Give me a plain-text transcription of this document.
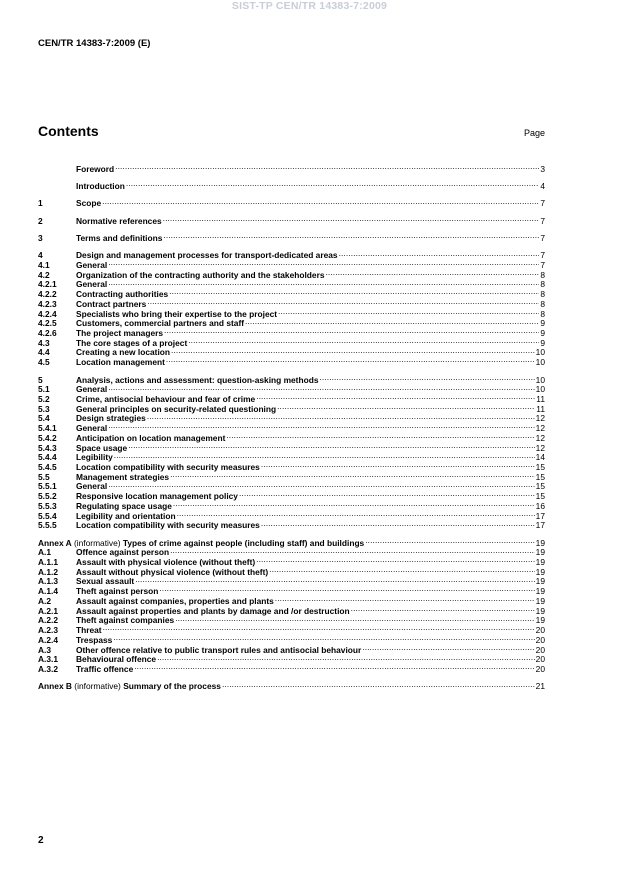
SIST-TP CEN/TR 14383-7:2009
CEN/TR 14383-7:2009 (E)
Contents	Page
Foreword .....	3
Introduction .....	4
1	Scope .....	7
2	Normative references .....	7
3	Terms and definitions .....	7
4	Design and management processes for transport-dedicated areas .....	7
4.1	General .....	7
4.2	Organization of the contracting authority and the stakeholders .....	8
4.2.1	General .....	8
4.2.2	Contracting authorities .....	8
4.2.3	Contract partners .....	8
4.2.4	Specialists who bring their expertise to the project .....	8
4.2.5	Customers, commercial partners and staff .....	9
4.2.6	The project managers .....	9
4.3	The core stages of a project .....	9
4.4	Creating a new location .....	10
4.5	Location management .....	10
5	Analysis, actions and assessment: question-asking methods .....	10
5.1	General .....	10
5.2	Crime, antisocial behaviour and fear of crime .....	11
5.3	General principles on security-related questioning .....	11
5.4	Design strategies .....	12
5.4.1	General .....	12
5.4.2	Anticipation on location management .....	12
5.4.3	Space usage .....	12
5.4.4	Legibility .....	14
5.4.5	Location compatibility with security measures .....	15
5.5	Management strategies .....	15
5.5.1	General .....	15
5.5.2	Responsive location management policy .....	15
5.5.3	Regulating space usage .....	16
5.5.4	Legibility and orientation .....	17
5.5.5	Location compatibility with security measures .....	17
Annex A (informative) Types of crime against people (including staff) and buildings .....	19
A.1	Offence against person .....	19
A.1.1	Assault with physical violence (without theft) .....	19
A.1.2	Assault without physical violence (without theft) .....	19
A.1.3	Sexual assault .....	19
A.1.4	Theft against person .....	19
A.2	Assault against companies, properties and plants .....	19
A.2.1	Assault against properties and plants by damage and /or destruction .....	19
A.2.2	Theft against companies .....	19
A.2.3	Threat .....	20
A.2.4	Trespass .....	20
A.3	Other offence relative to public transport rules and antisocial behaviour .....	20
A.3.1	Behavioural offence .....	20
A.3.2	Traffic offence .....	20
Annex B (informative) Summary of the process .....	21
2
